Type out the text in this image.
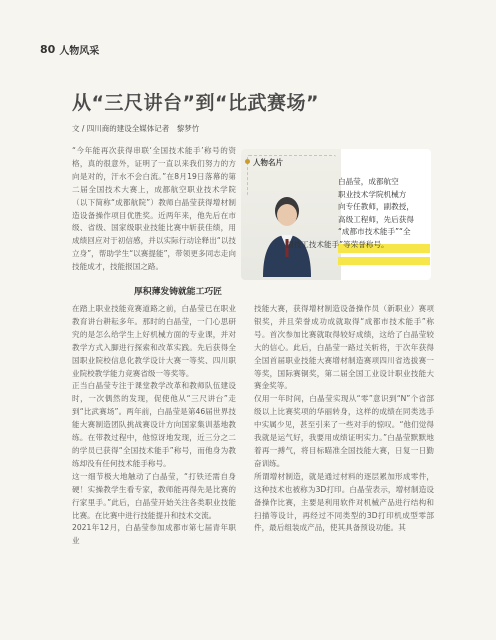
80 人物风采
从“三尺讲台”到“比武赛场”
文 / 四川商的建设全媒体记者　黎梦竹

“今年能再次获得串联‘全国技术能手’称号的资格，真的很意外，证明了一直以来我们努力的方向是对的，汗水不会白流。”在8月19日落幕的第二届全国技术大赛上，成都航空职业技术学院（以下简称“成都航院”）教师白晶莹获得增材制造设备操作项目优胜奖。近两年来，他先后在市级、省级、国家级职业技能比赛中斩获佳绩，用成绩回应对于初信感，并以实际行动诠释出“以技立身”，帮助学生“以赛提能”，带领更多同志走向技能成才，技能报国之路。

人物名片
白晶莹，成都航空
职业技术学院机械方
向专任教师，副教授，
高级工程师，先后获得
“成都市技术能手”“全
国技工技术能手”等荣誉称号。
厚积薄发铸就能工巧匠

在踏上职业技能竞赛道路之前，白晶莹已在职业教育讲台耕耘多年。那时的白晶莹，一门心思研究的是怎么给学生上好机械方面的专业课，并对教学方式入脚进行探索和改革实践。先后获得全国职业院校信息化教学设计大赛一等奖、四川职业院校教学能力竞赛省级一等奖等。
正当白晶莹专注于课堂教学改革和教师队伍建设时，一次偶然的发现，促使他从“三尺讲台”走到“比武赛场”。两年前，白晶莹是第46届世界技能大赛制造团队挑战赛设计方向国家集训基地教练。在带教过程中，他惊讶地发现，近三分之二的学员已获得“全国技术能手”称号，而他身为教练却没有任何技术能手称号。
这一细节极大地触动了白晶莹，“打铁还需自身硬！实操教学生看专家，教师能再得先是比赛的行家里手。”此后，白晶莹开始关注各类职业技能比赛。在比赛中进行技能提升和技术交流。
2021年12月，白晶莹参加成都市第七届青年职业

技能大赛，获得增材制造设备操作员（新职业）赛项银奖，并且荣誉成功成就取得“成都市技术能手”称号。首次参加比赛就取得较好成绩，这给了白晶莹较大的信心。此后，白晶莹一路过关斩将，于次年获得全国首届职业技能大赛增材制造赛项四川省选拔赛一等奖，国际赛铜奖，第二届全国工业设计职业技能大赛金奖等。
仅用一年时间，白晶莹实现从“零”意识到“N”个省部级以上比赛奖项的华丽转身，这样的成绩在同类选手中实属少见，甚至引来了一些对手的惊叹。“他们觉得我就是运气好，我要用成绩证明实力。”白晶莹默默地着再一搏气，将目标瞄准全国技能大赛，日复一日勤奋训练。
所谓增材制造，就是通过材料的逐层累加形成零件，这种技术也被称为3D打印。白晶莹表示，增材制造设备操作比赛，主要是利用软件对机械产品进行结构和扫描等设计，再经过不同类型的3D打印机成型零部件，最后组装成产品，使其具备预设功能。其
